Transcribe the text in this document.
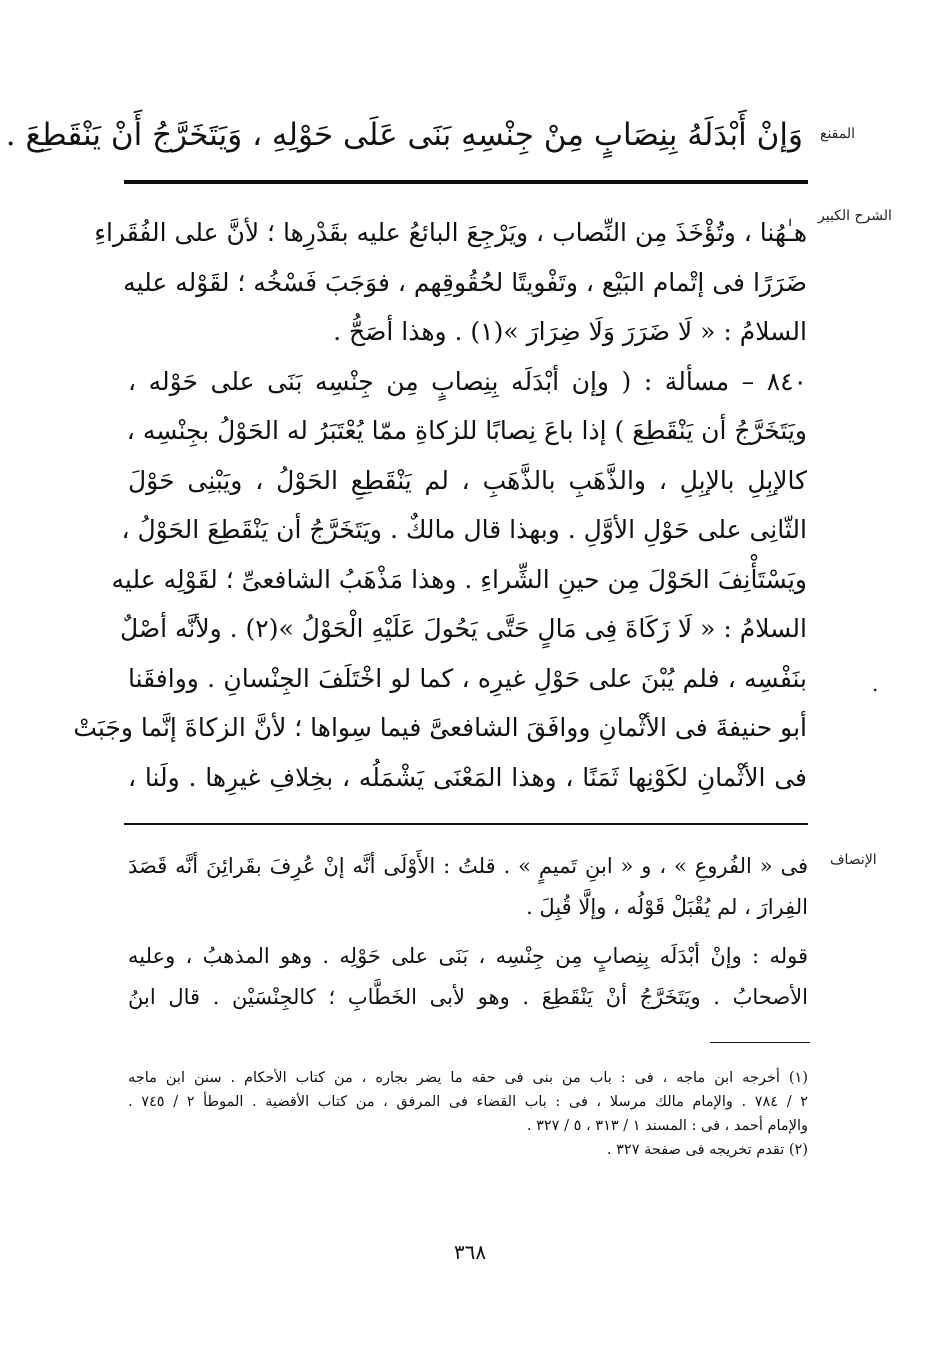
المقنع
وَإنْ أَبْدَلَهُ بِنِصَابٍ مِنْ جِنْسِهِ بَنَى عَلَى حَوْلِهِ ، وَيَتَخَرَّجُ أَنْ يَنْقَطِعَ .
الشرح الكبير
هـٰهُنا ، وتُؤْخَذَ مِن النِّصاب ، ويَرْجِعَ البائعُ عليه بقَدْرِها ؛ لأنَّ على الفُقَراءِ
ضَرَرًا فى إتْمام البَيْع ، وتَفْويتًا لحُقُوقِهم ، فوَجَبَ فَسْخُه ؛ لقَوْله عليه
السلامُ : « لَا ضَرَرَ وَلَا ضِرَارَ »(١) . وهذا أصَحُّ .
٨٤٠ – مسألة : ( وإن أبْدَلَه بِنِصابٍ مِن جِنْسِه بَنَى على حَوْله ،
ويَتَخَرَّجُ أن يَنْقَطِعَ ) إذا باعَ نِصابًا للزكاةِ ممّا يُعْتَبَرُ له الحَوْلُ بجِنْسِه ،
كالإبِلِ بالإبِلِ ، والذَّهَبِ بالذَّهَبِ ، لم يَنْقَطِعِ الحَوْلُ ، ويَبْنِى حَوْلَ
الثّانِى على حَوْلِ الأوَّلِ . وبهذا قال مالكٌ . ويَتَخَرَّجُ أن يَنْقَطِعَ الحَوْلُ ،
ويَسْتَأْنِفَ الحَوْلَ مِن حينِ الشِّراءِ . وهذا مَذْهَبُ الشافعىِّ ؛ لقَوْلِه عليه
السلامُ : « لَا زَكَاةَ فِى مَالٍ حَتَّى يَحُولَ عَلَيْهِ الْحَوْلُ »(٢) . ولأنَّه أصْلٌ
بنَفْسِه ، فلم يُبْنَ على حَوْلِ غيرِه ، كما لو اخْتَلَفَ الجِنْسانِ . ووافقَنا
أبو حنيفةَ فى الأثْمانِ ووافَقَ الشافعىَّ فيما سِواها ؛ لأنَّ الزكاةَ إنَّما وجَبَتْ
فى الأثْمانِ لكَوْنِها ثَمَنًا ، وهذا المَعْنَى يَشْمَلُه ، بخِلافِ غيرِها . ولَنا ،
.
الإنصاف
فى « الفُروعِ » ، و « ابنِ تَميمٍ » . قلتُ : الأَوْلَى أنَّه إنْ عُرِفَ بقَرائِنَ أنَّه قَصَدَ
الفِرارَ ، لم يُقْبَلْ قَوْلُه ، وإلَّا قُبِلَ .
قوله : وإنْ أبْدَلَه بِنِصابٍ مِن جِنْسِه ، بَنَى على حَوْلِه . وهو المذهبُ ، وعليه
الأصحابُ . ويَتَخَرَّجُ أنْ يَنْقَطِعَ . وهو لأبى الخَطَّابِ ؛ كالجِنْسَيْن . قال ابنُ
(١) أخرجه ابن ماجه ، فى : باب من بنى فى حقه ما يضر بجاره ، من كتاب الأحكام . سنن ابن ماجه
٢ / ٧٨٤ . والإمام مالك مرسلا ، فى : باب القضاء فى المرفق ، من كتاب الأقضية . الموطأ ٢ / ٧٤٥ .
والإمام أحمد ، فى : المسند ١ / ٣١٣ ، ٥ / ٣٢٧ .
(٢) تقدم تخريجه فى صفحة ٣٢٧ .
٣٦٨
